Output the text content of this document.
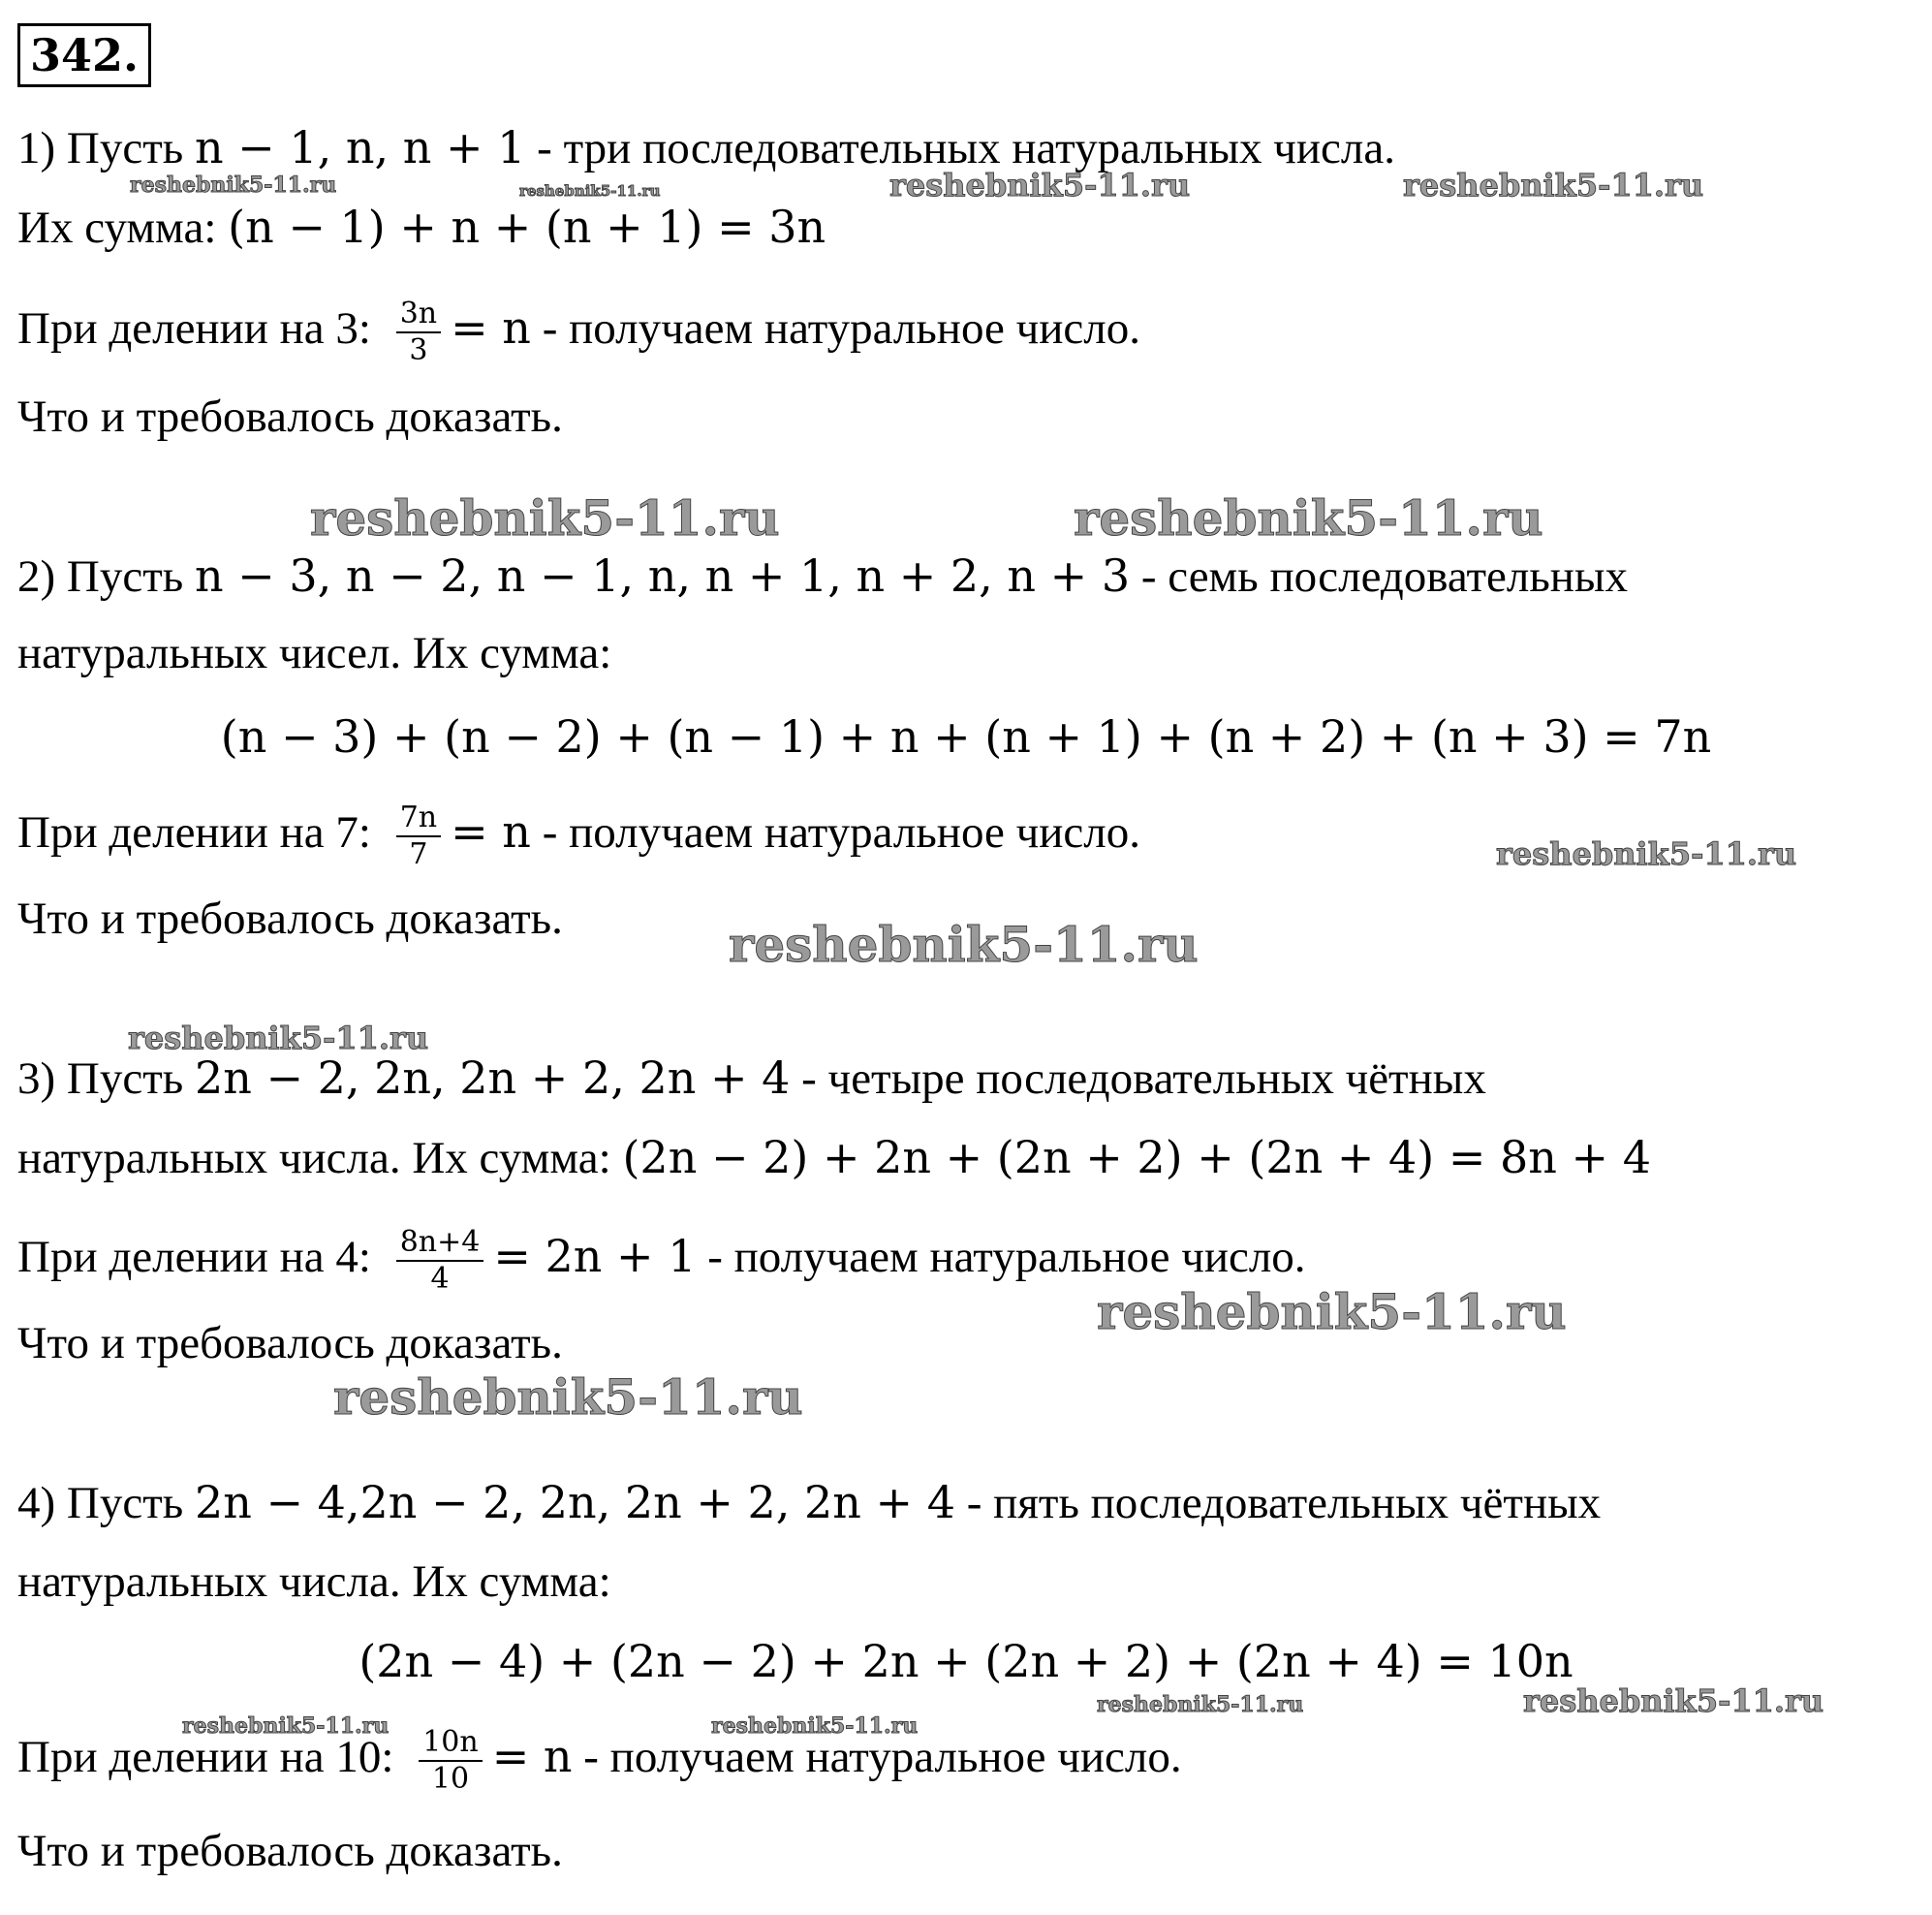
342.
1) Пусть n − 1, n, n + 1 - три последовательных натуральных числа.
Их сумма: (n − 1) + n + (n + 1) = 3n
При делении на 3: $\frac{3n}{3} = n$ - получаем натуральное число.
Что и требовалось доказать.
2) Пусть n − 3, n − 2, n − 1, n, n + 1, n + 2, n + 3 - семь последовательных
натуральных чисел. Их сумма:
(n − 3) + (n − 2) + (n − 1) + n + (n + 1) + (n + 2) + (n + 3) = 7n
При делении на 7: $\frac{7n}{7} = n$ - получаем натуральное число.
Что и требовалось доказать.
3) Пусть 2n − 2, 2n, 2n + 2, 2n + 4 - четыре последовательных чётных
натуральных числа. Их сумма: (2n − 2) + 2n + (2n + 2) + (2n + 4) = 8n + 4
При делении на 4: $\frac{8n+4}{4} = 2n + 1$ - получаем натуральное число.
Что и требовалось доказать.
4) Пусть 2n − 4,2n − 2, 2n, 2n + 2, 2n + 4 - пять последовательных чётных
натуральных числа. Их сумма:
(2n − 4) + (2n − 2) + 2n + (2n + 2) + (2n + 4) = 10n
При делении на 10: $\frac{10n}{10} = n$ - получаем натуральное число.
Что и требовалось доказать.
reshebnik5-11.ru	reshebnik5-11.ru	reshebnik5-11.ru	reshebnik5-11.ru
reshebnik5-11.ru	reshebnik5-11.ru
reshebnik5-11.ru
reshebnik5-11.ru
reshebnik5-11.ru
reshebnik5-11.ru
reshebnik5-11.ru
reshebnik5-11.ru
reshebnik5-11.ru
reshebnik5-11.ru	reshebnik5-11.ru
